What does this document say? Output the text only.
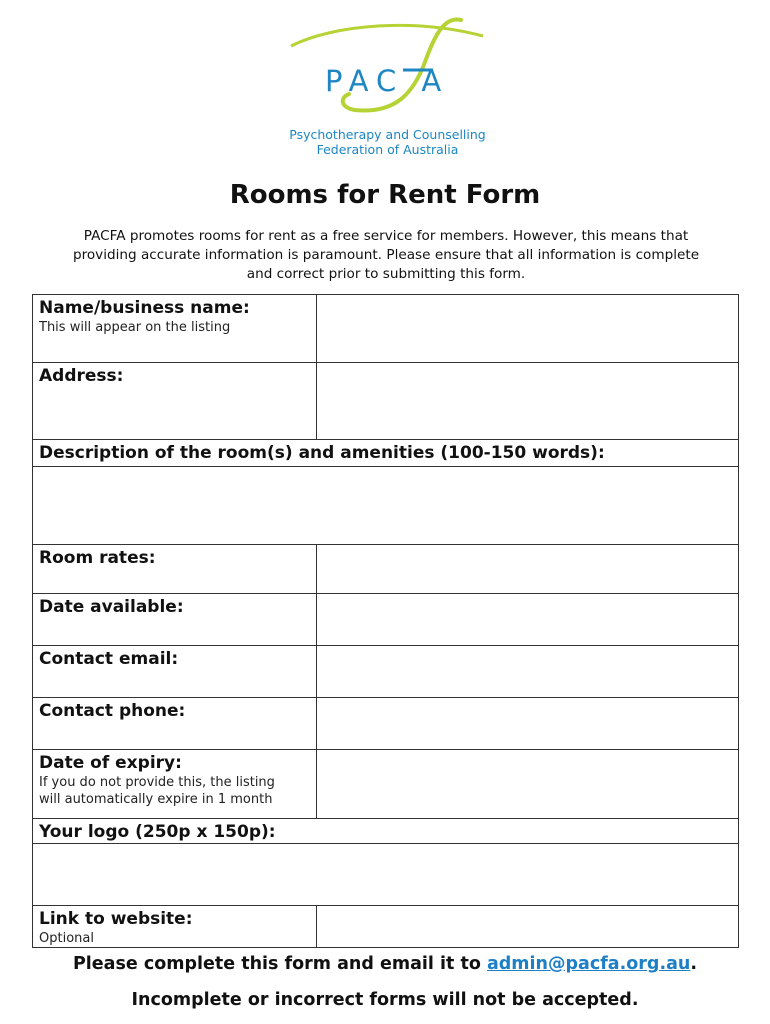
PAC A
Psychotherapy and Counselling
Federation of Australia
Rooms for Rent Form
PACFA promotes rooms for rent as a free service for members. However, this means that
providing accurate information is paramount. Please ensure that all information is complete
and correct prior to submitting this form.
Name/business name:
This will appear on the listing	

Address:	

Description of the room(s) and amenities (100-150 words):	

Room rates:	

Date available:	

Contact email:	

Contact phone:	

Date of expiry:
If you do not provide this, the listing
will automatically expire in 1 month	

Your logo (250p x 150p):	

Link to website:
Optional	

Please complete this form and email it to admin@pacfa.org.au.
Incomplete or incorrect forms will not be accepted.
